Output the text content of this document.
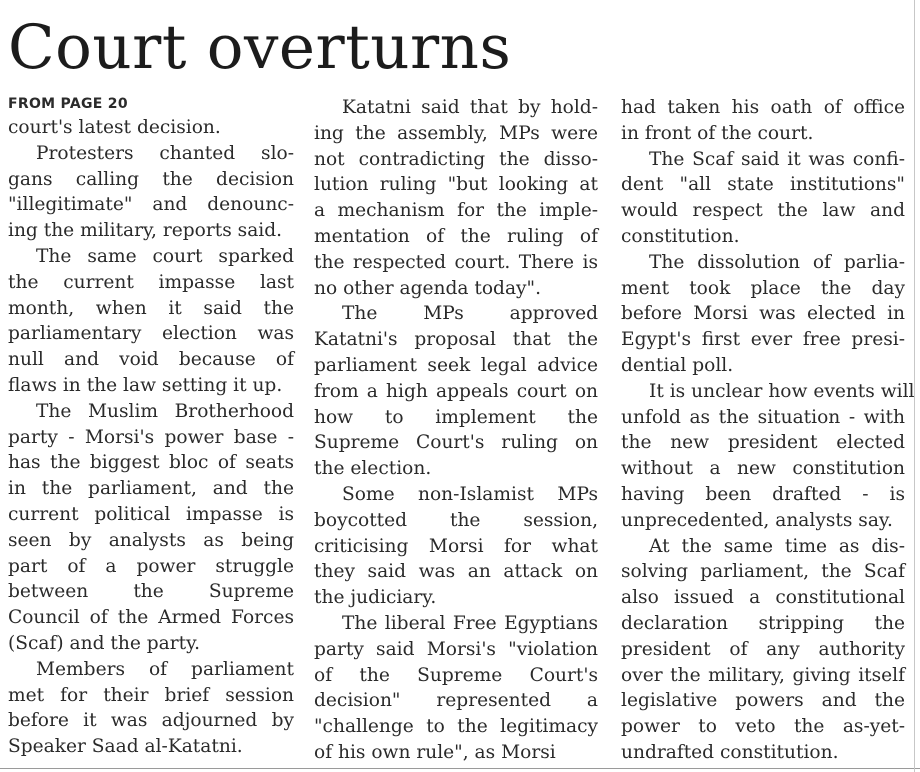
Court overturns
FROM PAGE 20
court's latest decision.
Protesters chanted slo-
gans calling the decision
"illegitimate" and denounc-
ing the military, reports said.
The same court sparked
the current impasse last
month, when it said the
parliamentary election was
null and void because of
flaws in the law setting it up.
The Muslim Brotherhood
party - Morsi's power base -
has the biggest bloc of seats
in the parliament, and the
current political impasse is
seen by analysts as being
part of a power struggle
between the Supreme
Council of the Armed Forces
(Scaf) and the party.
Members of parliament
met for their brief session
before it was adjourned by
Speaker Saad al-Katatni.
Katatni said that by hold-
ing the assembly, MPs were
not contradicting the disso-
lution ruling "but looking at
a mechanism for the imple-
mentation of the ruling of
the respected court. There is
no other agenda today".
The MPs approved
Katatni's proposal that the
parliament seek legal advice
from a high appeals court on
how to implement the
Supreme Court's ruling on
the election.
Some non-Islamist MPs
boycotted the session,
criticising Morsi for what
they said was an attack on
the judiciary.
The liberal Free Egyptians
party said Morsi's "violation
of the Supreme Court's
decision" represented a
"challenge to the legitimacy
of his own rule", as Morsi
had taken his oath of office
in front of the court.
The Scaf said it was confi-
dent "all state institutions"
would respect the law and
constitution.
The dissolution of parlia-
ment took place the day
before Morsi was elected in
Egypt's first ever free presi-
dential poll.
It is unclear how events will
unfold as the situation - with
the new president elected
without a new constitution
having been drafted - is
unprecedented, analysts say.
At the same time as dis-
solving parliament, the Scaf
also issued a constitutional
declaration stripping the
president of any authority
over the military, giving itself
legislative powers and the
power to veto the as-yet-
undrafted constitution.
